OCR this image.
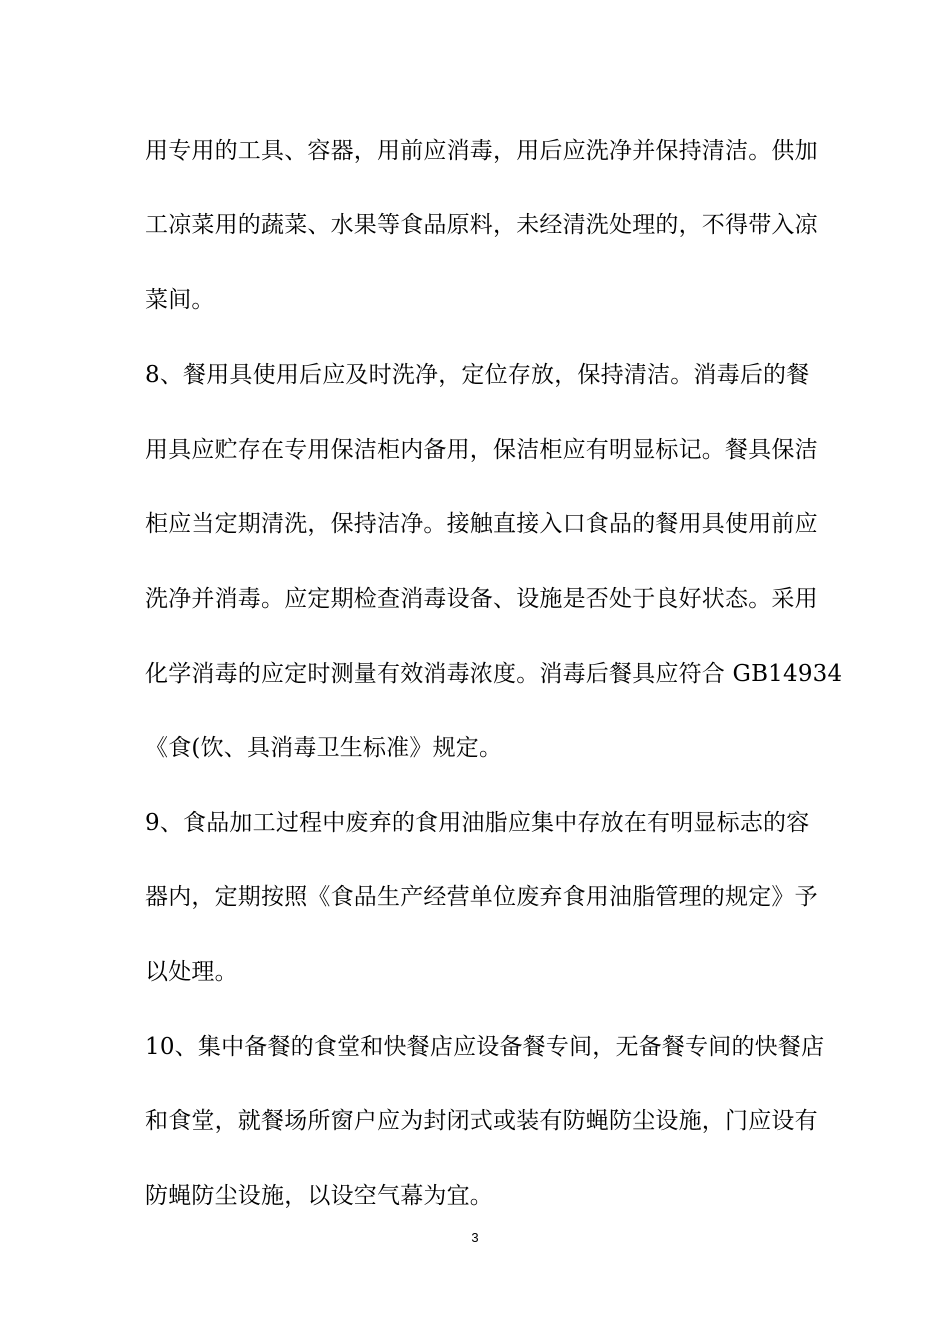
用专用的工具、容器，用前应消毒，用后应洗净并保持清洁。供加
工凉菜用的蔬菜、水果等食品原料，未经清洗处理的，不得带入凉
菜间。
8、餐用具使用后应及时洗净，定位存放，保持清洁。消毒后的餐
用具应贮存在专用保洁柜内备用，保洁柜应有明显标记。餐具保洁
柜应当定期清洗，保持洁净。接触直接入口食品的餐用具使用前应
洗净并消毒。应定期检查消毒设备、设施是否处于良好状态。采用
化学消毒的应定时测量有效消毒浓度。消毒后餐具应符合 GB14934
《食(饮、具消毒卫生标准》规定。
9、食品加工过程中废弃的食用油脂应集中存放在有明显标志的容
器内，定期按照《食品生产经营单位废弃食用油脂管理的规定》予
以处理。
10、集中备餐的食堂和快餐店应设备餐专间，无备餐专间的快餐店
和食堂，就餐场所窗户应为封闭式或装有防蝇防尘设施，门应设有
防蝇防尘设施，以设空气幕为宜。
3
